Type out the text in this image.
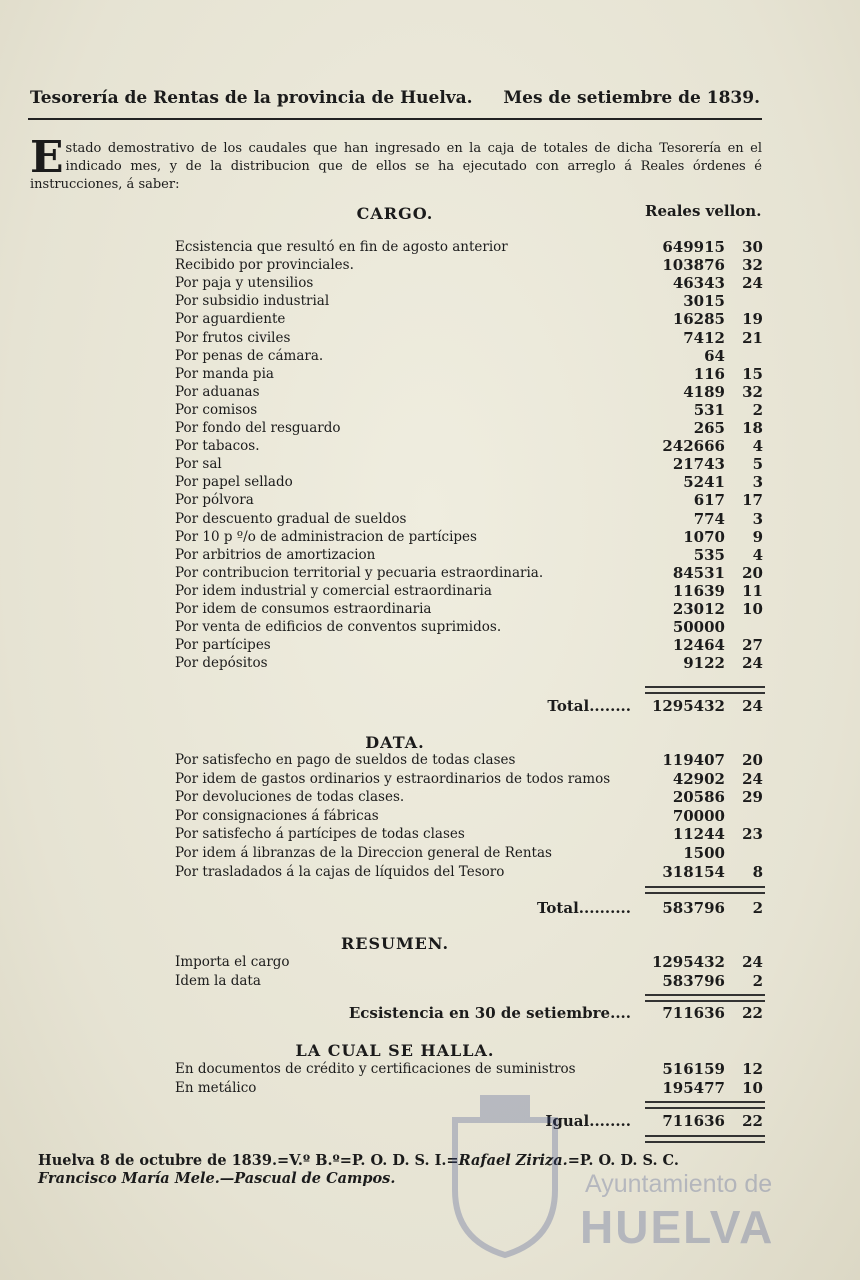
Tesorería de Rentas de la provincia de Huelva. Mes de setiembre de 1839.
Estado demostrativo de los caudales que han ingresado en la caja de totales de dicha Tesorería en el indicado mes, y de la distribucion que de ellos se ha ejecutado con arreglo á Reales órdenes é instrucciones, á saber:
Reales vellon.
CARGO.
Ecsistencia que resultó en fin de agosto anterior	649915	30
Recibido por provinciales.	103876	32
Por paja y utensilios	46343	24
Por subsidio industrial	3015
Por aguardiente	16285	19
Por frutos civiles	7412	21
Por penas de cámara.	64
Por manda pia	116	15
Por aduanas	4189	32
Por comisos	531	2
Por fondo del resguardo	265	18
Por tabacos.	242666	4
Por sal	21743	5
Por papel sellado	5241	3
Por pólvora	617	17
Por descuento gradual de sueldos	774	3
Por 10 p º/o de administracion de partícipes	1070	9
Por arbitrios de amortizacion	535	4
Por contribucion territorial y pecuaria estraordinaria.	84531	20
Por idem industrial y comercial estraordinaria	11639	11
Por idem de consumos estraordinaria	23012	10
Por venta de edificios de conventos suprimidos.	50000
Por partícipes	12464	27
Por depósitos	9122	24
Total........ 1295432	24
DATA.
Por satisfecho en pago de sueldos de todas clases	119407	20
Por idem de gastos ordinarios y estraordinarios de todos ramos	42902	24
Por devoluciones de todas clases.	20586	29
Por consignaciones á fábricas	70000
Por satisfecho á partícipes de todas clases	11244	23
Por idem á libranzas de la Direccion general de Rentas	1500
Por trasladados á la cajas de líquidos del Tesoro	318154	8
Total.......... 583796	2
RESUMEN.
Importa el cargo	1295432	24
Idem la data	583796	2
Ecsistencia en 30 de setiembre.... 711636	22
LA CUAL SE HALLA.
En documentos de crédito y certificaciones de suministros	516159	12
En metálico	195477	10
Igual........ 711636	22
Huelva 8 de octubre de 1839.=V.º B.º=P. O. D. S. I.=Rafael Ziriza.=P. O. D. S. C.
Francisco María Mele.—Pascual de Campos.	Ayuntamiento de
HUELVA
